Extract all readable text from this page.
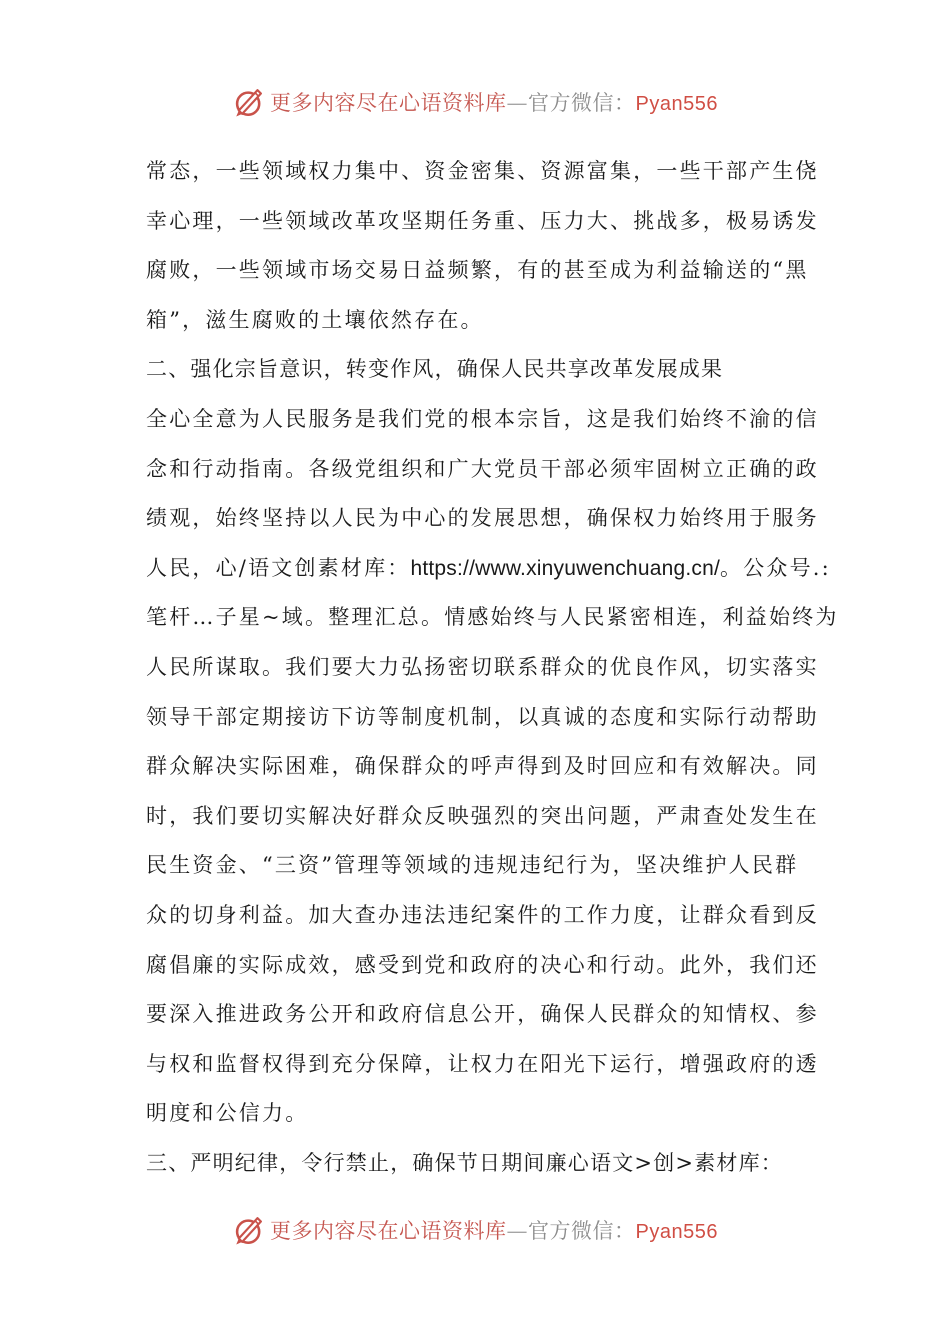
更多内容尽在心语资料库—官方微信：Pyan556
常态，一些领域权力集中、资金密集、资源富集，一些干部产生侥
幸心理，一些领域改革攻坚期任务重、压力大、挑战多，极易诱发
腐败，一些领域市场交易日益频繁，有的甚至成为利益输送的“黑
箱”，滋生腐败的土壤依然存在。
二、强化宗旨意识，转变作风，确保人民共享改革发展成果
全心全意为人民服务是我们党的根本宗旨，这是我们始终不渝的信
念和行动指南。各级党组织和广大党员干部必须牢固树立正确的政
绩观，始终坚持以人民为中心的发展思想，确保权力始终用于服务
人民，心/语文创素材库：https://www.xinyuwenchuang.cn/。公众号.:
笔杆…子星~域。整理汇总。情感始终与人民紧密相连，利益始终为
人民所谋取。我们要大力弘扬密切联系群众的优良作风，切实落实
领导干部定期接访下访等制度机制，以真诚的态度和实际行动帮助
群众解决实际困难，确保群众的呼声得到及时回应和有效解决。同
时，我们要切实解决好群众反映强烈的突出问题，严肃查处发生在
民生资金、“三资”管理等领域的违规违纪行为，坚决维护人民群
众的切身利益。加大查办违法违纪案件的工作力度，让群众看到反
腐倡廉的实际成效，感受到党和政府的决心和行动。此外，我们还
要深入推进政务公开和政府信息公开，确保人民群众的知情权、参
与权和监督权得到充分保障，让权力在阳光下运行，增强政府的透
明度和公信力。
三、严明纪律，令行禁止，确保节日期间廉心语文>创>素材库：
更多内容尽在心语资料库—官方微信：Pyan556
